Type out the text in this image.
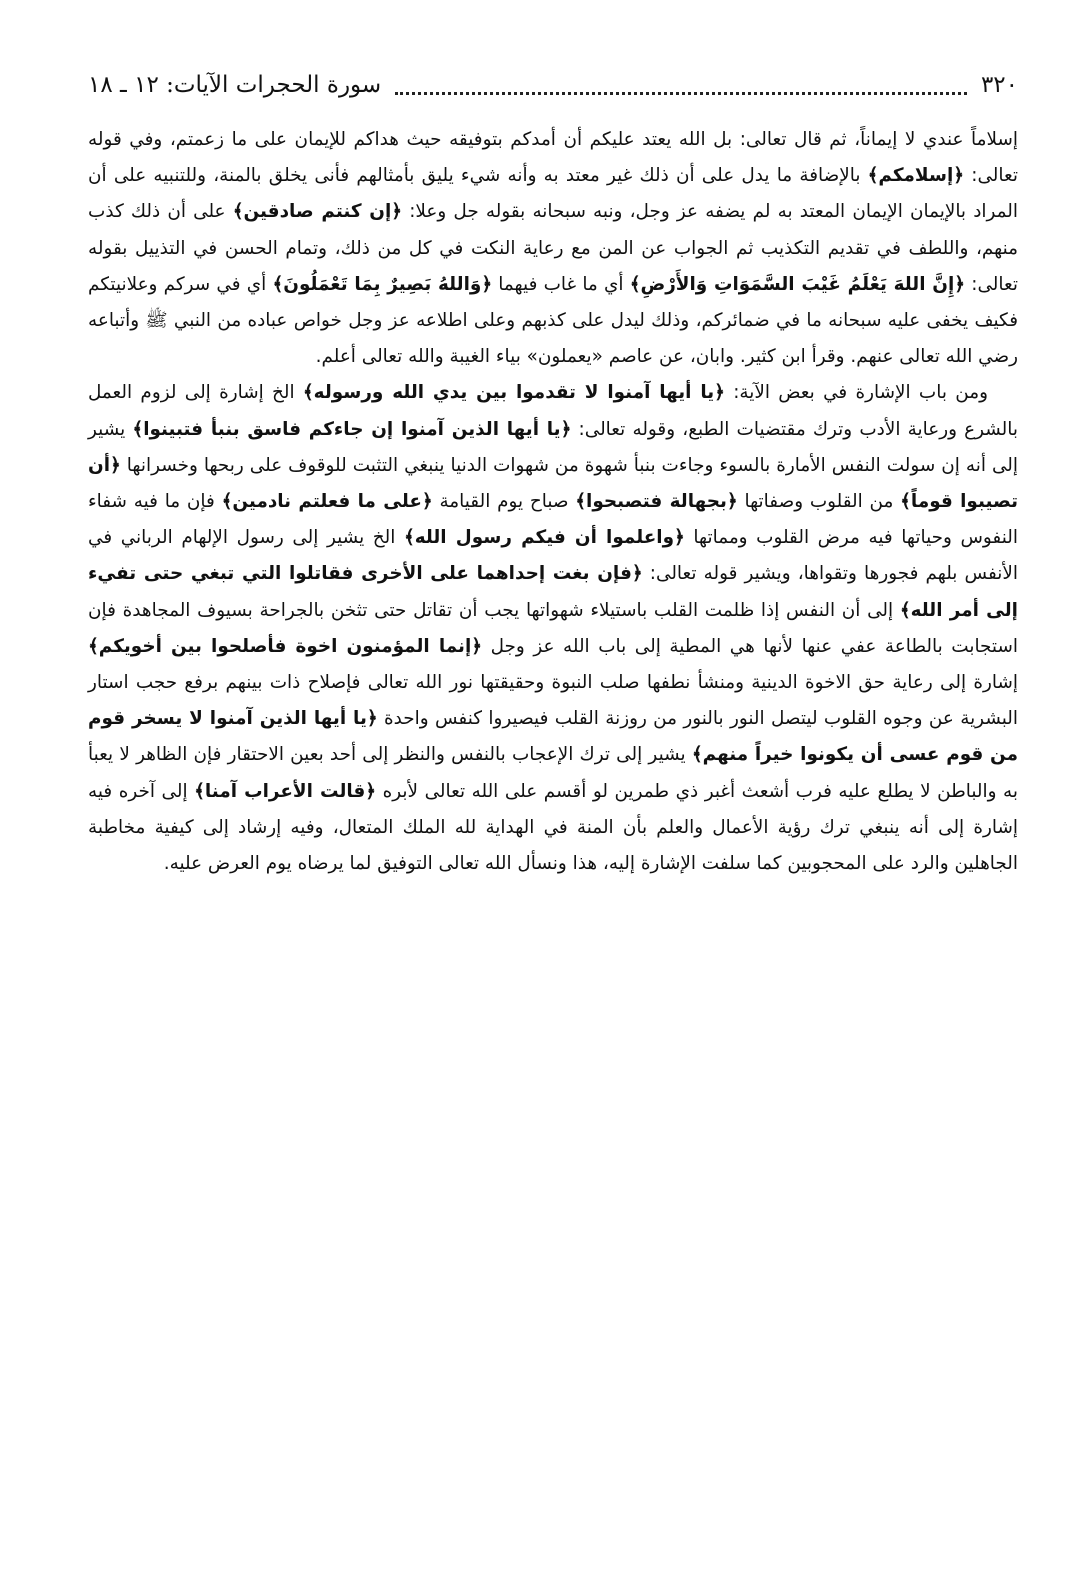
٣٢٠
سورة الحجرات الآيات: ١٢ ـ ١٨

إسلاماً عندي لا إيماناً، ثم قال تعالى: بل الله يعتد عليكم أن أمدكم بتوفيقه حيث هداكم للإيمان على ما زعمتم، وفي قوله تعالى: ﴿إسلامكم﴾ بالإضافة ما يدل على أن ذلك غير معتد به وأنه شيء يليق بأمثالهم فأنى يخلق بالمنة، وللتنبيه على أن المراد بالإيمان الإيمان المعتد به لم يضفه عز وجل، ونبه سبحانه بقوله جل وعلا: ﴿إن كنتم صادقين﴾ على أن ذلك كذب منهم، واللطف في تقديم التكذيب ثم الجواب عن المن مع رعاية النكت في كل من ذلك، وتمام الحسن في التذييل بقوله تعالى: ﴿إِنَّ اللهَ يَعْلَمُ غَيْبَ السَّمَوَاتِ وَالأَرْضِ﴾ أي ما غاب فيهما ﴿وَاللهُ بَصِيرٌ بِمَا تَعْمَلُونَ﴾ أي في سركم وعلانيتكم فكيف يخفى عليه سبحانه ما في ضمائركم، وذلك ليدل على كذبهم وعلى اطلاعه عز وجل خواص عباده من النبي ﷺ وأتباعه رضي الله تعالى عنهم. وقرأ ابن كثير. وابان، عن عاصم «يعملون» بياء الغيبة والله تعالى أعلم.

ومن باب الإشارة في بعض الآية: ﴿يا أيها آمنوا لا تقدموا بين يدي الله ورسوله﴾ الخ إشارة إلى لزوم العمل بالشرع ورعاية الأدب وترك مقتضيات الطبع، وقوله تعالى: ﴿يا أيها الذين آمنوا إن جاءكم فاسق بنبأ فتبينوا﴾ يشير إلى أنه إن سولت النفس الأمارة بالسوء وجاءت بنبأ شهوة من شهوات الدنيا ينبغي التثبت للوقوف على ربحها وخسرانها ﴿أن تصيبوا قوماً﴾ من القلوب وصفاتها ﴿بجهالة فتصبحوا﴾ صباح يوم القيامة ﴿على ما فعلتم نادمين﴾ فإن ما فيه شفاء النفوس وحياتها فيه مرض القلوب ومماتها ﴿واعلموا أن فيكم رسول الله﴾ الخ يشير إلى رسول الإلهام الرباني في الأنفس بلهم فجورها وتقواها، ويشير قوله تعالى: ﴿فإن بغت إحداهما على الأخرى فقاتلوا التي تبغي حتى تفيء إلى أمر الله﴾ إلى أن النفس إذا ظلمت القلب باستيلاء شهواتها يجب أن تقاتل حتى تثخن بالجراحة بسيوف المجاهدة فإن استجابت بالطاعة عفي عنها لأنها هي المطية إلى باب الله عز وجل ﴿إنما المؤمنون اخوة فأصلحوا بين أخويكم﴾ إشارة إلى رعاية حق الاخوة الدينية ومنشأ نطفها صلب النبوة وحقيقتها نور الله تعالى فإصلاح ذات بينهم برفع حجب استار البشرية عن وجوه القلوب ليتصل النور بالنور من روزنة القلب فيصيروا كنفس واحدة ﴿يا أيها الذين آمنوا لا يسخر قوم من قوم عسى أن يكونوا خيراً منهم﴾ يشير إلى ترك الإعجاب بالنفس والنظر إلى أحد بعين الاحتقار فإن الظاهر لا يعبأ به والباطن لا يطلع عليه فرب أشعث أغبر ذي طمرين لو أقسم على الله تعالى لأبره ﴿قالت الأعراب آمنا﴾ إلى آخره فيه إشارة إلى أنه ينبغي ترك رؤية الأعمال والعلم بأن المنة في الهداية لله الملك المتعال، وفيه إرشاد إلى كيفية مخاطبة الجاهلين والرد على المحجوبين كما سلفت الإشارة إليه، هذا ونسأل الله تعالى التوفيق لما يرضاه يوم العرض عليه.
